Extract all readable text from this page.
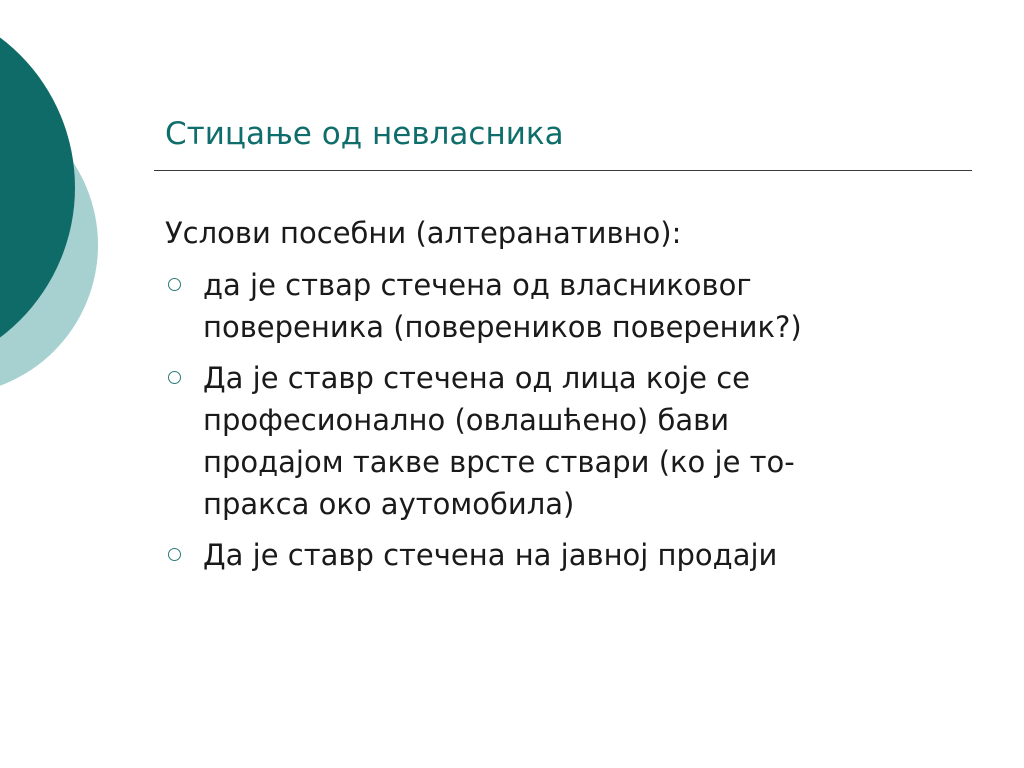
Стицање од невласника

Услови посебни (алтеранативно):

да је ствар стечена од власниковог
повереника (повереников повереник?)
Да је ставр стечена од лица које се
професионално (овлашћено) бави
продајом такве врсте ствари (ко је то-
пракса око аутомобила)
Да је ставр стечена на јавној продаји
